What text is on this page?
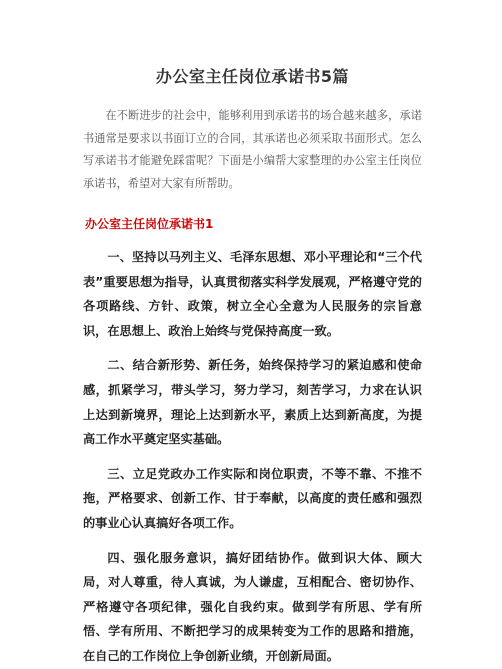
办公室主任岗位承诺书5篇

在不断进步的社会中，能够利用到承诺书的场合越来越多，承诺书通常是要求以书面订立的合同，其承诺也必须采取书面形式。怎么写承诺书才能避免踩雷呢？下面是小编帮大家整理的办公室主任岗位承诺书，希望对大家有所帮助。

办公室主任岗位承诺书1

一、坚持以马列主义、毛泽东思想、邓小平理论和“三个代表”重要思想为指导，认真贯彻落实科学发展观，严格遵守党的各项路线、方针、政策，树立全心全意为人民服务的宗旨意识，在思想上、政治上始终与党保持高度一致。

二、结合新形势、新任务，始终保持学习的紧迫感和使命感，抓紧学习，带头学习，努力学习，刻苦学习，力求在认识上达到新境界，理论上达到新水平，素质上达到新高度，为提高工作水平奠定坚实基础。

三、立足党政办工作实际和岗位职责，不等不靠、不推不拖，严格要求、创新工作、甘于奉献，以高度的责任感和强烈的事业心认真搞好各项工作。

四、强化服务意识，搞好团结协作。做到识大体、顾大局，对人尊重，待人真诚，为人谦虚，互相配合、密切协作、严格遵守各项纪律，强化自我约束。做到学有所思、学有所悟、学有所用、不断把学习的成果转变为工作的思路和措施，在自己的工作岗位上争创新业绩，开创新局面。
